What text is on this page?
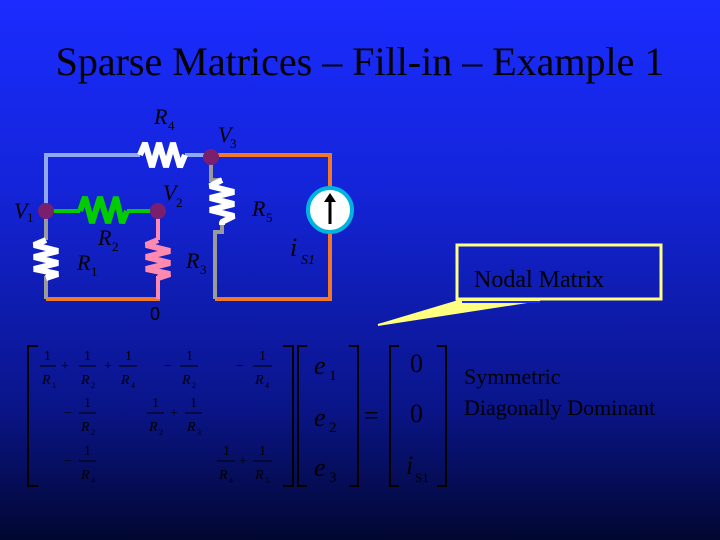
Sparse Matrices – Fill-in – Example 1
R 4 V
3
V 2
V 1	R 5
R 2
R 1	R 3
i S1
0
Nodal Matrix
1
R 1
+
1
R 2
+
1
R 4
−
1
R 2
−
1
R 4
−
1
R 2
1
R 2
+
1
R 3
−
1
R 4
1
R 4
+
1
R 5
e
e
e
1
2
3
=
0
0
i S1
Symmetric
Diagonally Dominant
